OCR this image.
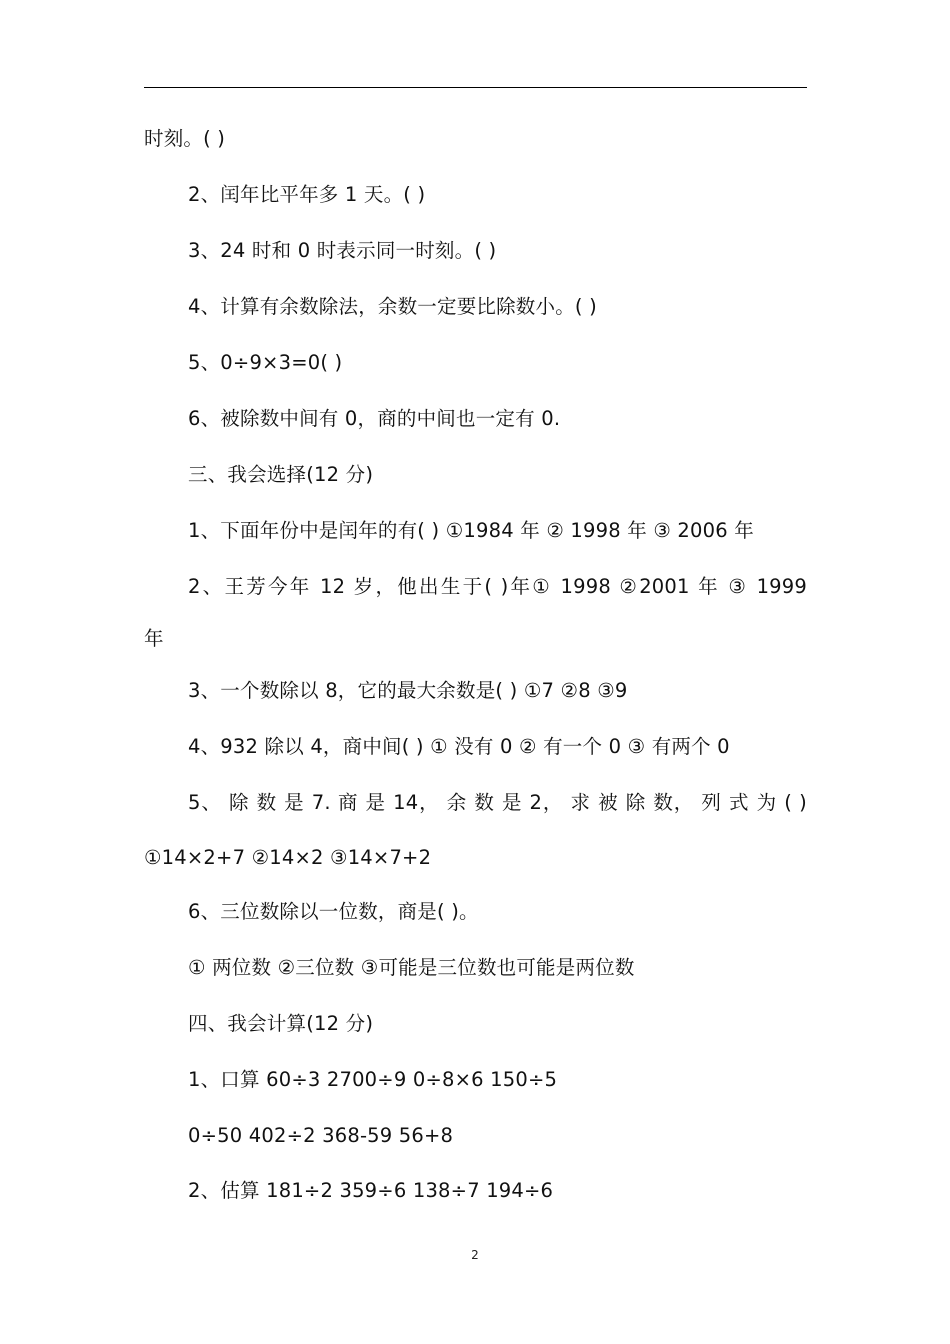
时刻。( )
2、闰年比平年多 1 天。( )
3、24 时和 0 时表示同一时刻。( )
4、计算有余数除法，余数一定要比除数小。( )
5、0÷9×3=0( )
6、被除数中间有 0，商的中间也一定有 0.
三、我会选择(12 分)
1、下面年份中是闰年的有( ) ①1984 年 ② 1998 年 ③ 2006 年
2、王芳今年 12 岁，他出生于( )年① 1998 ②2001 年 ③ 1999
年
3、一个数除以 8，它的最大余数是( ) ①7 ②8 ③9
4、932 除以 4，商中间( ) ① 没有 0 ② 有一个 0 ③ 有两个 0
5、 除 数 是 7. 商 是 14， 余 数 是 2， 求 被 除 数， 列 式 为 ( )
①14×2+7 ②14×2 ③14×7+2
6、三位数除以一位数，商是( )。
① 两位数 ②三位数 ③可能是三位数也可能是两位数
四、我会计算(12 分)
1、口算 60÷3 2700÷9 0÷8×6 150÷5
0÷50 402÷2 368-59 56+8
2、估算 181÷2 359÷6 138÷7 194÷6
2
